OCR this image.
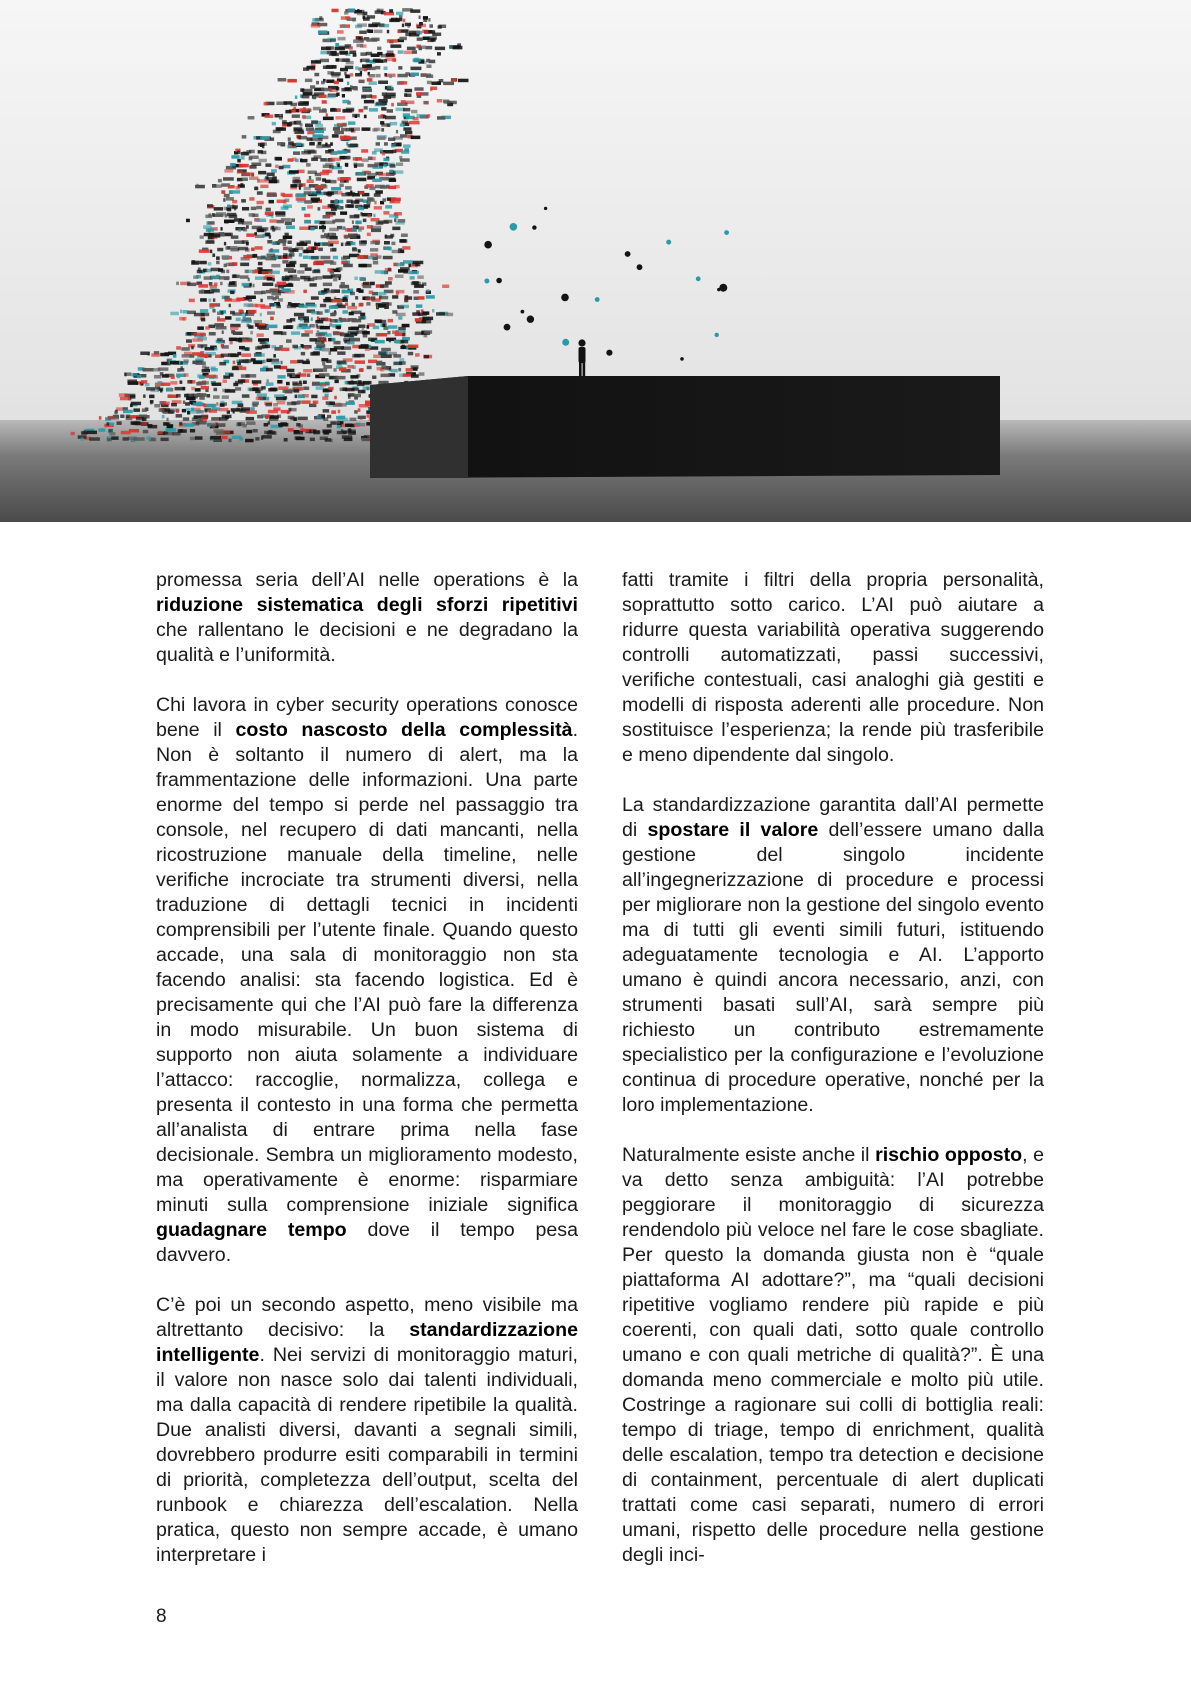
promessa seria dell’AI nelle operations è la riduzione sistematica degli sforzi ripetitivi che rallentano le decisioni e ne degradano la qualità e l’uniformità.

Chi lavora in cyber security operations conosce bene il costo nascosto della complessità. Non è soltanto il numero di alert, ma la frammentazione delle informazioni. Una parte enorme del tempo si perde nel passaggio tra console, nel recupero di dati mancanti, nella ricostruzione manuale della timeline, nelle verifiche incrociate tra strumenti diversi, nella traduzione di dettagli tecnici in incidenti comprensibili per l’utente finale. Quando questo accade, una sala di monitoraggio non sta facendo analisi: sta facendo logistica. Ed è precisamente qui che l’AI può fare la differenza in modo misurabile. Un buon sistema di supporto non aiuta solamente a individuare l’attacco: raccoglie, normalizza, collega e presenta il contesto in una forma che permetta all’analista di entrare prima nella fase decisionale. Sembra un miglioramento modesto, ma operativamente è enorme: risparmiare minuti sulla comprensione iniziale significa guadagnare tempo dove il tempo pesa davvero.

C’è poi un secondo aspetto, meno visibile ma altrettanto decisivo: la standardizzazione intelligente. Nei servizi di monitoraggio maturi, il valore non nasce solo dai talenti individuali, ma dalla capacità di rendere ripetibile la qualità. Due analisti diversi, davanti a segnali simili, dovrebbero produrre esiti comparabili in termini di priorità, completezza dell’output, scelta del runbook e chiarezza dell’escalation. Nella pratica, questo non sempre accade, è umano interpretare i

fatti tramite i filtri della propria personalità, soprattutto sotto carico. L’AI può aiutare a ridurre questa variabilità operativa suggerendo controlli automatizzati, passi successivi, verifiche contestuali, casi analoghi già gestiti e modelli di risposta aderenti alle procedure. Non sostituisce l’esperienza; la rende più trasferibile e meno dipendente dal singolo.

La standardizzazione garantita dall’AI permette di spostare il valore dell’essere umano dalla gestione del singolo incidente all’ingegnerizzazione di procedure e processi per migliorare non la gestione del singolo evento ma di tutti gli eventi simili futuri, istituendo adeguatamente tecnologia e AI. L’apporto umano è quindi ancora necessario, anzi, con strumenti basati sull’AI, sarà sempre più richiesto un contributo estremamente specialistico per la configurazione e l’evoluzione continua di procedure operative, nonché per la loro implementazione.

Naturalmente esiste anche il rischio opposto, e va detto senza ambiguità: l’AI potrebbe peggiorare il monitoraggio di sicurezza rendendolo più veloce nel fare le cose sbagliate. Per questo la domanda giusta non è “quale piattaforma AI adottare?”, ma “quali decisioni ripetitive vogliamo rendere più rapide e più coerenti, con quali dati, sotto quale controllo umano e con quali metriche di qualità?”. È una domanda meno commerciale e molto più utile. Costringe a ragionare sui colli di bottiglia reali: tempo di triage, tempo di enrichment, qualità delle escalation, tempo tra detection e decisione di containment, percentuale di alert duplicati trattati come casi separati, numero di errori umani, rispetto delle procedure nella gestione degli inci-

8
